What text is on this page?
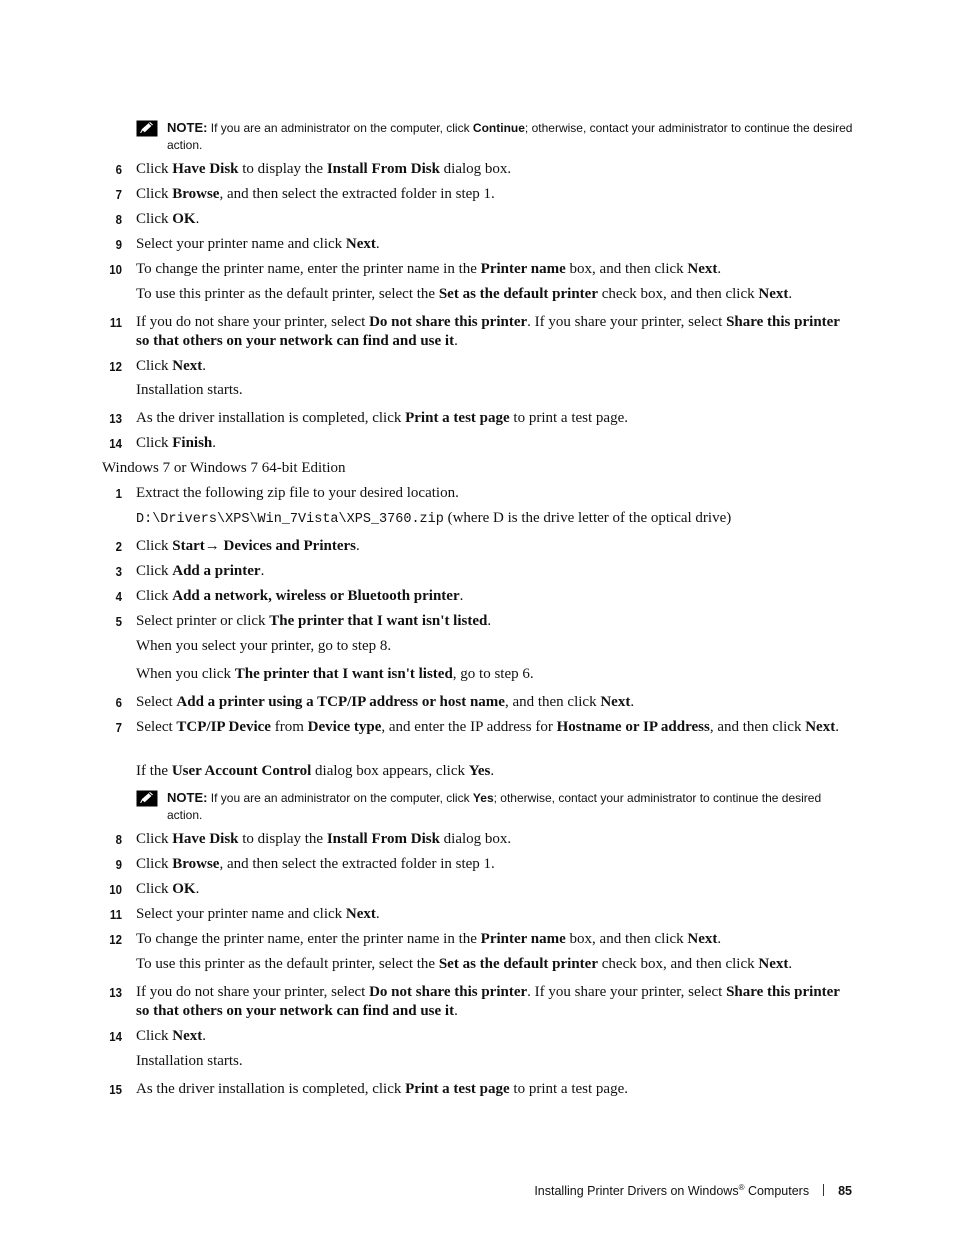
NOTE: If you are an administrator on the computer, click Continue; otherwise, contact your administrator to continue the desired action.
6 Click Have Disk to display the Install From Disk dialog box.
7 Click Browse, and then select the extracted folder in step 1.
8 Click OK.
9 Select your printer name and click Next.
10 To change the printer name, enter the printer name in the Printer name box, and then click Next.
To use this printer as the default printer, select the Set as the default printer check box, and then click Next.
11 If you do not share your printer, select Do not share this printer. If you share your printer, select Share this printer so that others on your network can find and use it.
12 Click Next.
Installation starts.
13 As the driver installation is completed, click Print a test page to print a test page.
14 Click Finish.
Windows 7 or Windows 7 64-bit Edition
1 Extract the following zip file to your desired location.
D:\Drivers\XPS\Win_7Vista\XPS_3760.zip (where D is the drive letter of the optical drive)
2 Click Start→ Devices and Printers.
3 Click Add a printer.
4 Click Add a network, wireless or Bluetooth printer.
5 Select printer or click The printer that I want isn't listed.
When you select your printer, go to step 8.
When you click The printer that I want isn't listed, go to step 6.
6 Select Add a printer using a TCP/IP address or host name, and then click Next.
7 Select TCP/IP Device from Device type, and enter the IP address for Hostname or IP address, and then click Next.
If the User Account Control dialog box appears, click Yes.
NOTE: If you are an administrator on the computer, click Yes; otherwise, contact your administrator to continue the desired action.
8 Click Have Disk to display the Install From Disk dialog box.
9 Click Browse, and then select the extracted folder in step 1.
10 Click OK.
11 Select your printer name and click Next.
12 To change the printer name, enter the printer name in the Printer name box, and then click Next.
To use this printer as the default printer, select the Set as the default printer check box, and then click Next.
13 If you do not share your printer, select Do not share this printer. If you share your printer, select Share this printer so that others on your network can find and use it.
14 Click Next.
Installation starts.
15 As the driver installation is completed, click Print a test page to print a test page.
Installing Printer Drivers on Windows® Computers 85
